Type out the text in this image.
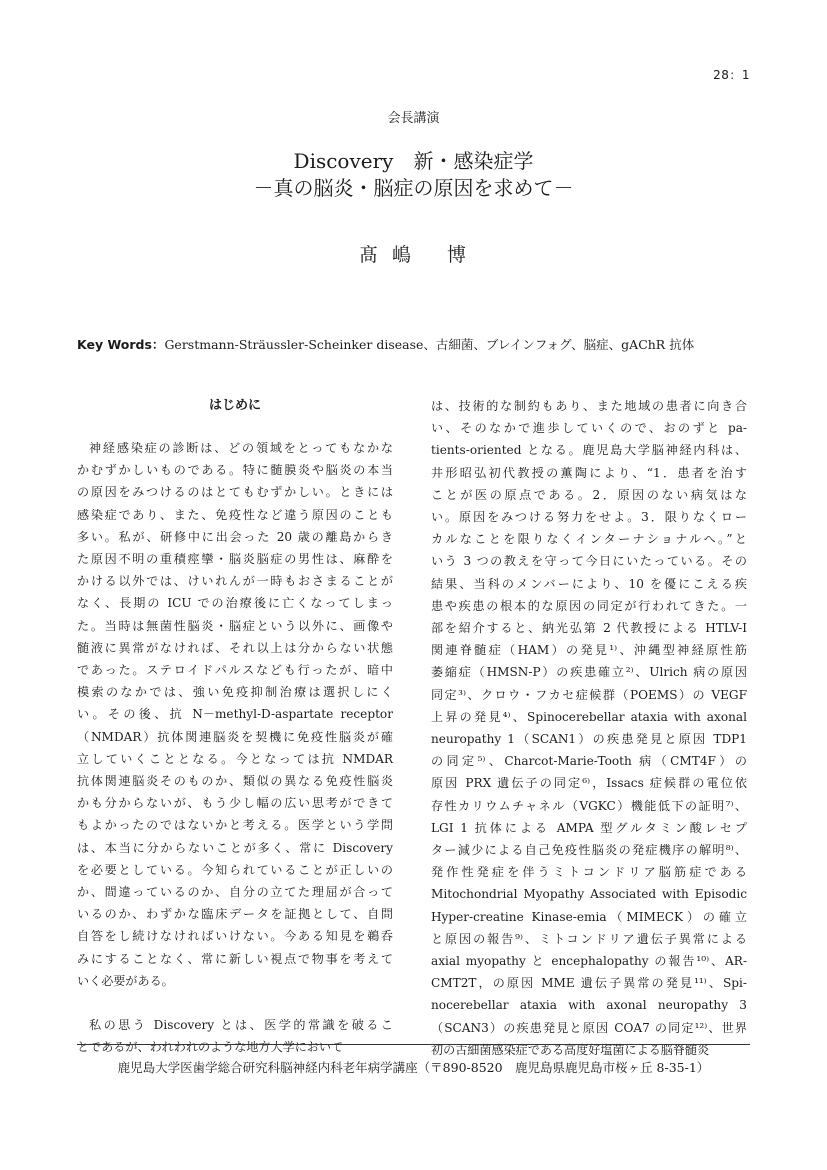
28：1
会長講演
Discovery　新・感染症学
－真の脳炎・脳症の原因を求めて－
髙 嶋 博
Key Words：Gerstmann-Sträussler-Scheinker disease、古細菌、ブレインフォグ、脳症、gAChR 抗体
はじめに
神経感染症の診断は、どの領域をとってもなかな
かむずかしいものである。特に髄膜炎や脳炎の本当
の原因をみつけるのはとてもむずかしい。ときには
感染症であり、また、免疫性など違う原因のことも
多い。私が、研修中に出会った 20 歳の離島からき
た原因不明の重積痙攣・脳炎脳症の男性は、麻酔を
かける以外では、けいれんが一時もおさまることが
なく、長期の ICU での治療後に亡くなってしまっ
た。当時は無菌性脳炎・脳症という以外に、画像や
髄液に異常がなければ、それ以上は分からない状態
であった。ステロイドパルスなども行ったが、暗中
模索のなかでは、強い免疫抑制治療は選択しにく
い。その後、抗 N－methyl-D-aspartate receptor
（NMDAR）抗体関連脳炎を契機に免疫性脳炎が確
立していくこととなる。今となっては抗 NMDAR
抗体関連脳炎そのものか、類似の異なる免疫性脳炎
かも分からないが、もう少し幅の広い思考ができて
もよかったのではないかと考える。医学という学問
は、本当に分からないことが多く、常に Discovery
を必要としている。今知られていることが正しいの
か、間違っているのか、自分の立てた理屈が合って
いるのか、わずかな臨床データを証拠として、自問
自答をし続けなければいけない。今ある知見を鵜呑
みにすることなく、常に新しい視点で物事を考えて
いく必要がある。
私の思う Discovery とは、医学的常識を破るこ
とであるが、われわれのような地方大学において
は、技術的な制約もあり、また地域の患者に向き合
い、そのなかで進歩していくので、おのずと pa-
tients-oriented となる。鹿児島大学脳神経内科は、
井形昭弘初代教授の薫陶により、“1．患者を治す
ことが医の原点である。2．原因のない病気はな
い。原因をみつける努力をせよ。3．限りなくロー
カルなことを限りなくインターナショナルへ。”と
いう 3 つの教えを守って今日にいたっている。その
結果、当科のメンバーにより、10 を優にこえる疾
患や疾患の根本的な原因の同定が行われてきた。一
部を紹介すると、納光弘第 2 代教授による HTLV-I
関連脊髄症（HAM）の発見¹⁾、沖縄型神経原性筋
萎縮症（HMSN-P）の疾患確立²⁾、Ulrich 病の原因
同定³⁾、クロウ・フカセ症候群（POEMS）の VEGF
上昇の発見⁴⁾、Spinocerebellar ataxia with axonal
neuropathy 1（SCAN1）の疾患発見と原因 TDP1
の同定⁵⁾、Charcot-Marie-Tooth 病（CMT4F）の
原因 PRX 遺伝子の同定⁶⁾，Issacs 症候群の電位依
存性カリウムチャネル（VGKC）機能低下の証明⁷⁾、
LGI 1 抗体による AMPA 型グルタミン酸レセプ
ター減少による自己免疫性脳炎の発症機序の解明⁸⁾、
発作性発症を伴うミトコンドリア脳筋症である
Mitochondrial Myopathy Associated with Episodic
Hyper-creatine Kinase-emia（MIMECK）の確立
と原因の報告⁹⁾、ミトコンドリア遺伝子異常による
axial myopathy と encephalopathy の報告¹⁰⁾、AR-
CMT2T，の原因 MME 遺伝子異常の発見¹¹⁾、Spi-
nocerebellar ataxia with axonal neuropathy 3
（SCAN3）の疾患発見と原因 COA7 の同定¹²⁾、世界
初の古細菌感染症である高度好塩菌による脳脊髄炎
鹿児島大学医歯学総合研究科脳神経内科老年病学講座（〒890-8520　鹿児島県鹿児島市桜ヶ丘 8-35-1）
